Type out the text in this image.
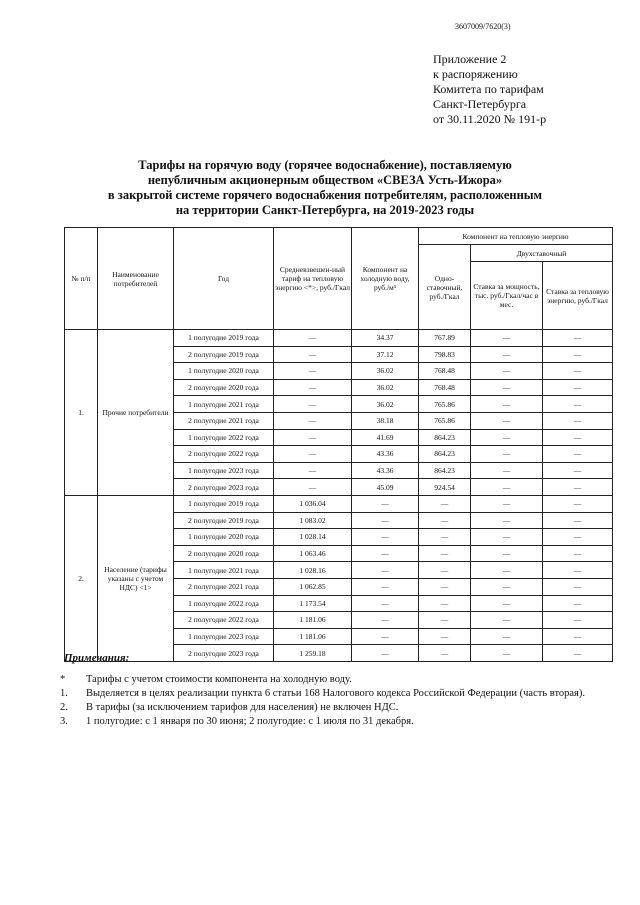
3607009/7620(3)
Приложение 2
к распоряжению
Комитета по тарифам
Санкт-Петербурга
от 30.11.2020 № 191-р
Тарифы на горячую воду (горячее водоснабжение), поставляемую
непубличным акционерным обществом «СВЕЗА Усть-Ижора»
в закрытой системе горячего водоснабжения потребителям, расположенным
на территории Санкт-Петербурга, на 2019-2023 годы
№ п/п	Наименование потребителей	Год	Средневзвешен-ный тариф на тепловую энергию <*>, руб./Гкал	Компонент на холодную воду, руб./м³	Компонент на тепловую энергию		
					Одно-ставочный, руб./Гкал	Двухставочный	
						Ставка за мощность, тыс. руб./Гкал/час в мес.	Ставка за тепловую энергию, руб./Гкал
1.	Прочие потребители	1 полугодие 2019 года	—	34.37	767.89	—	—
		2 полугодие 2019 года	—	37.12	798.83	—	—
		1 полугодие 2020 года	—	36.02	768.48	—	—
		2 полугодие 2020 года	—	36.02	768.48	—	—
		1 полугодие 2021 года	—	36.02	765.86	—	—
		2 полугодие 2021 года	—	38.18	765.86	—	—
		1 полугодие 2022 года	—	41.69	864.23	—	—
		2 полугодие 2022 года	—	43.36	864.23	—	—
		1 полугодие 2023 года	—	43.36	864.23	—	—
		2 полугодие 2023 года	—	45.09	924.54	—	—
2.	Население (тарифы указаны с учетом НДС) <1>	1 полугодие 2019 года	1 036.04	—	—	—	—
		2 полугодие 2019 года	1 083.02	—	—	—	—
		1 полугодие 2020 года	1 028.14	—	—	—	—
		2 полугодие 2020 года	1 063.46	—	—	—	—
		1 полугодие 2021 года	1 028.16	—	—	—	—
		2 полугодие 2021 года	1 062.85	—	—	—	—
		1 полугодие 2022 года	1 173.54	—	—	—	—
		2 полугодие 2022 года	1 181.06	—	—	—	—
		1 полугодие 2023 года	1 181.06	—	—	—	—
		2 полугодие 2023 года	1 259.18	—	—	—	—
Примечания:
*	Тарифы с учетом стоимости компонента на холодную воду.
1.	Выделяется в целях реализации пункта 6 статьи 168 Налогового кодекса Российской Федерации (часть вторая).
2.	В тарифы (за исключением тарифов для населения) не включен НДС.
3.	1 полугодие: с 1 января по 30 июня; 2 полугодие: с 1 июля по 31 декабря.
